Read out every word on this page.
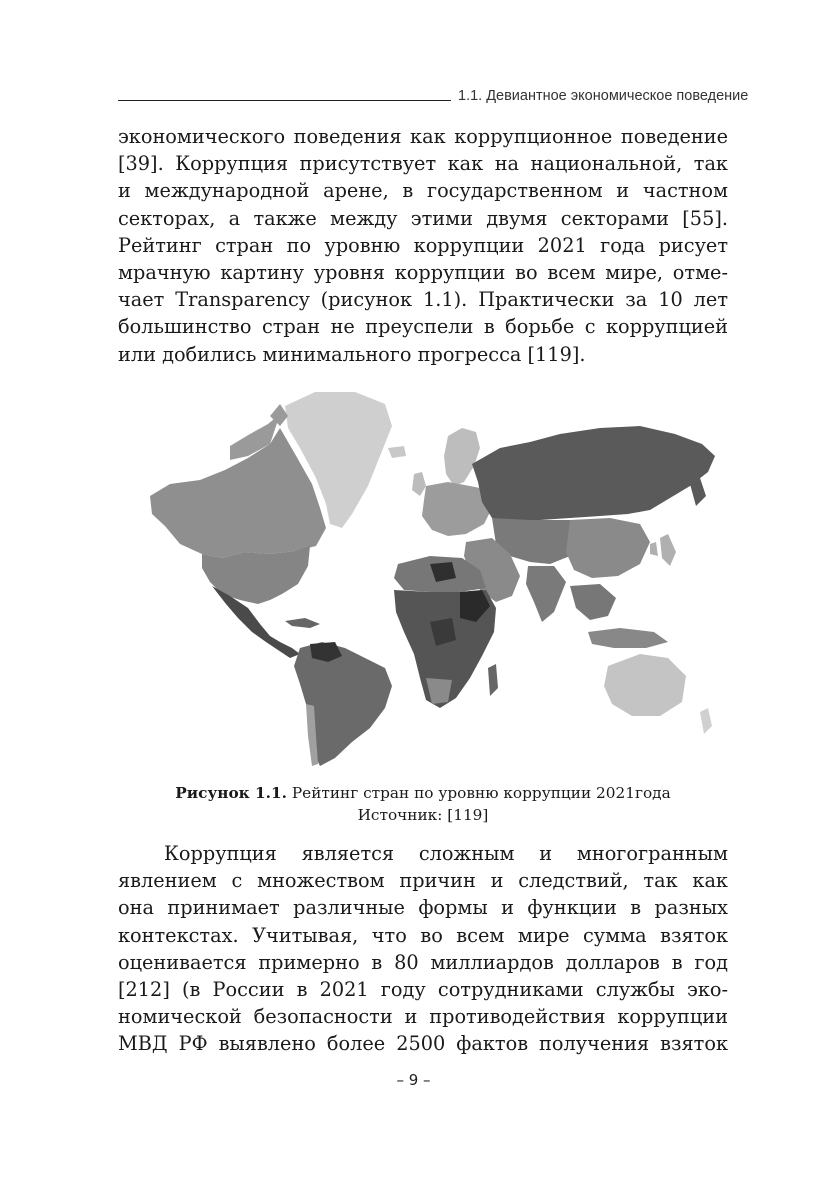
1.1. Девиантное экономическое поведение
экономического поведения как коррупционное поведение
[39]. Коррупция присутствует как на национальной, так
и международной арене, в государственном и частном
секторах, а также между этими двумя секторами [55].
Рейтинг стран по уровню коррупции 2021 года рисует
мрачную картину уровня коррупции во всем мире, отме-
чает Transparency (рисунок 1.1). Практически за 10 лет
большинство стран не преуспели в борьбе с коррупцией
или добились минимального прогресса [119].
Рисунок 1.1. Рейтинг стран по уровню коррупции 2021года
Источник: [119]
Коррупция является сложным и многогранным
явлением с множеством причин и следствий, так как
она принимает различные формы и функции в разных
контекстах. Учитывая, что во всем мире сумма взяток
оценивается примерно в 80 миллиардов долларов в год
[212] (в России в 2021 году сотрудниками службы эко-
номической безопасности и противодействия коррупции
МВД РФ выявлено более 2500 фактов получения взяток
– 9 –
